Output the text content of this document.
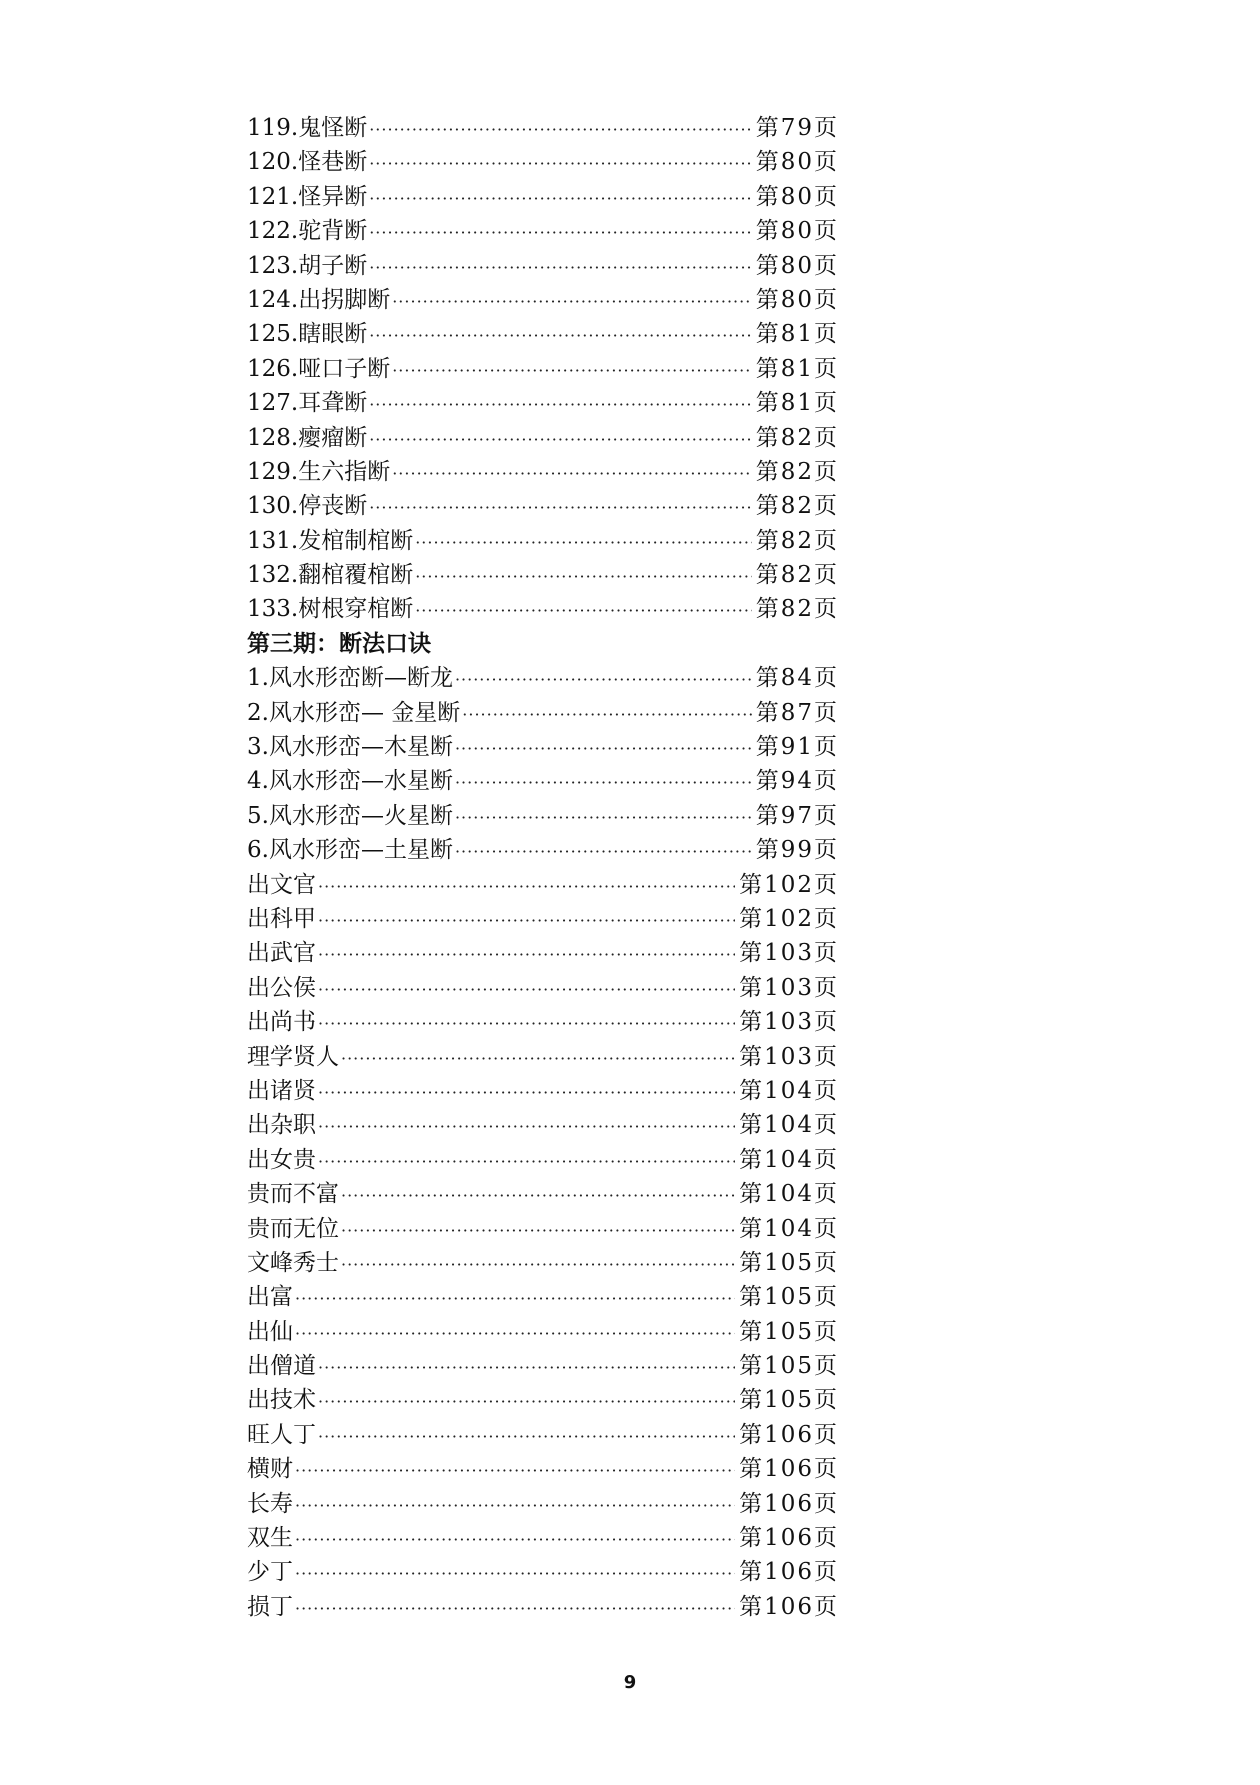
119.鬼怪断 ·····	第79页
120.怪巷断 ·····	第80页
121.怪异断 ·····	第80页
122.驼背断 ·····	第80页
123.胡子断 ·····	第80页
124.出拐脚断 ·····	第80页
125.瞎眼断 ·····	第81页
126.哑口子断 ·····	第81页
127.耳聋断 ·····	第81页
128.瘿瘤断 ·····	第82页
129.生六指断 ·····	第82页
130.停丧断 ·····	第82页
131.发棺制棺断 ·····	第82页
132.翻棺覆棺断 ·····	第82页
133.树根穿棺断 ·····	第82页
第三期：断法口诀
1.风水形峦断—断龙 ·····	第84页
2.风水形峦— 金星断 ·····	第87页
3.风水形峦—木星断 ·····	第91页
4.风水形峦—水星断 ·····	第94页
5.风水形峦—火星断 ·····	第97页
6.风水形峦—土星断 ·····	第99页
出文官 ·····	第102页
出科甲 ·····	第102页
出武官 ·····	第103页
出公侯 ·····	第103页
出尚书 ·····	第103页
理学贤人 ·····	第103页
出诸贤 ·····	第104页
出杂职 ·····	第104页
出女贵 ·····	第104页
贵而不富 ·····	第104页
贵而无位 ·····	第104页
文峰秀士 ·····	第105页
出富 ·····	第105页
出仙 ·····	第105页
出僧道 ·····	第105页
出技术 ·····	第105页
旺人丁 ·····	第106页
横财 ·····	第106页
长寿 ·····	第106页
双生 ·····	第106页
少丁 ·····	第106页
损丁 ·····	第106页
9
